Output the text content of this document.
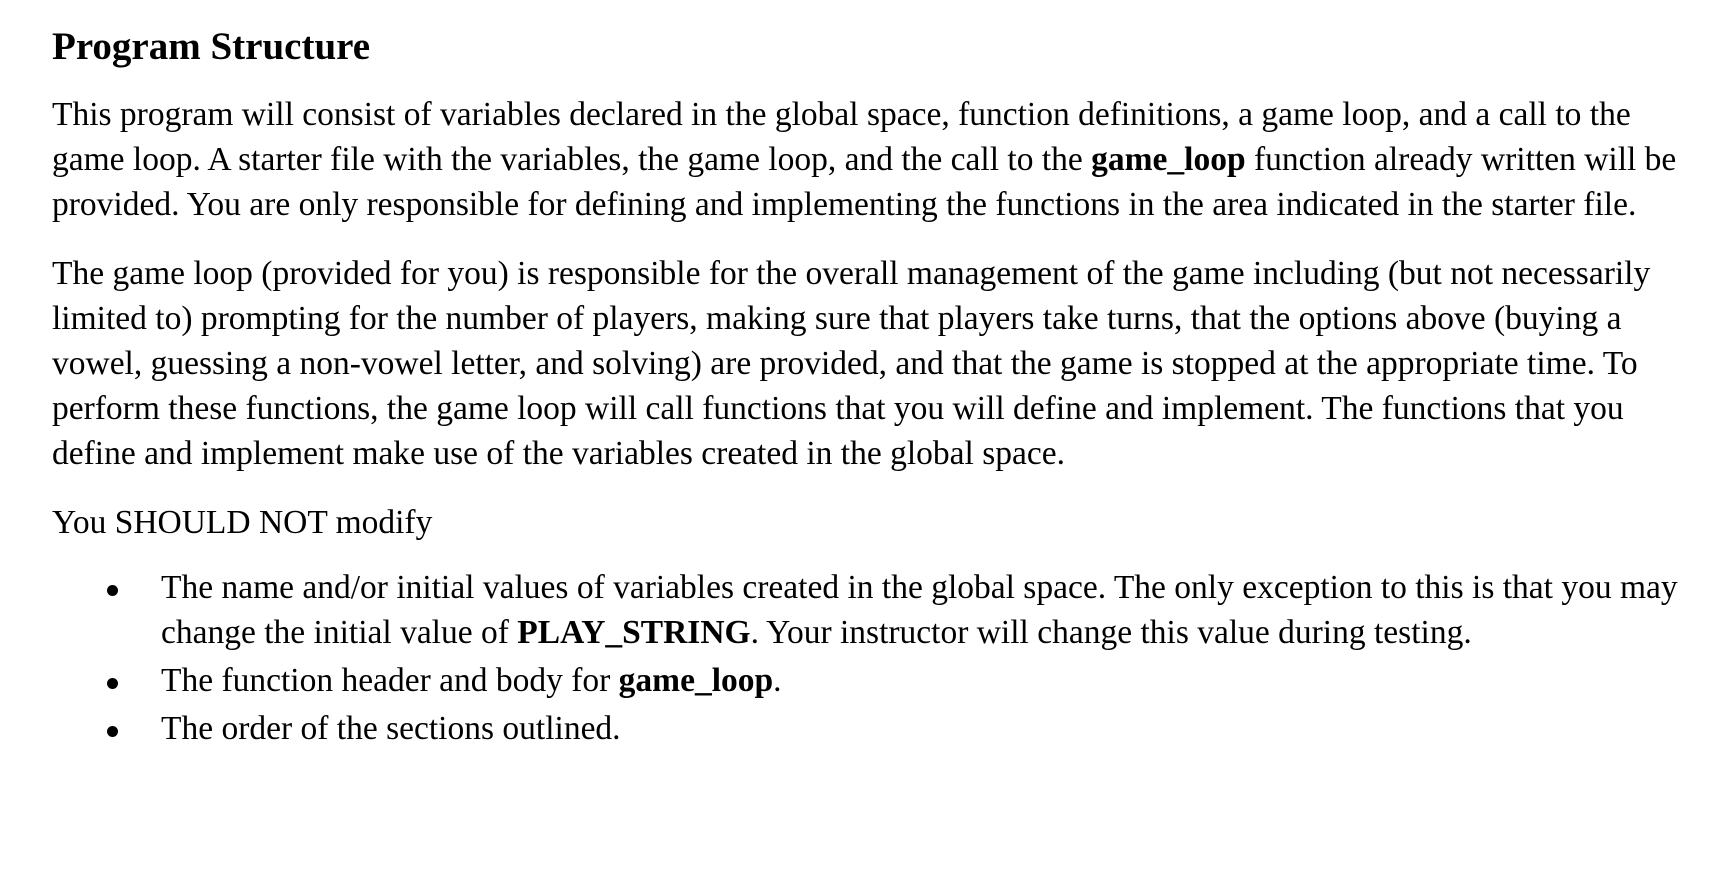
Program Structure

This program will consist of variables declared in the global space, function definitions, a game loop, and a call to the game loop. A starter file with the variables, the game loop, and the call to the game_loop function already written will be provided. You are only responsible for defining and implementing the functions in the area indicated in the starter file.

The game loop (provided for you) is responsible for the overall management of the game including (but not necessarily limited to) prompting for the number of players, making sure that players take turns, that the options above (buying a vowel, guessing a non-vowel letter, and solving) are provided, and that the game is stopped at the appropriate time. To perform these functions, the game loop will call functions that you will define and implement. The functions that you define and implement make use of the variables created in the global space.

You SHOULD NOT modify

The name and/or initial values of variables created in the global space. The only exception to this is that you may change the initial value of PLAY_STRING. Your instructor will change this value during testing.
The function header and body for game_loop.
The order of the sections outlined.
